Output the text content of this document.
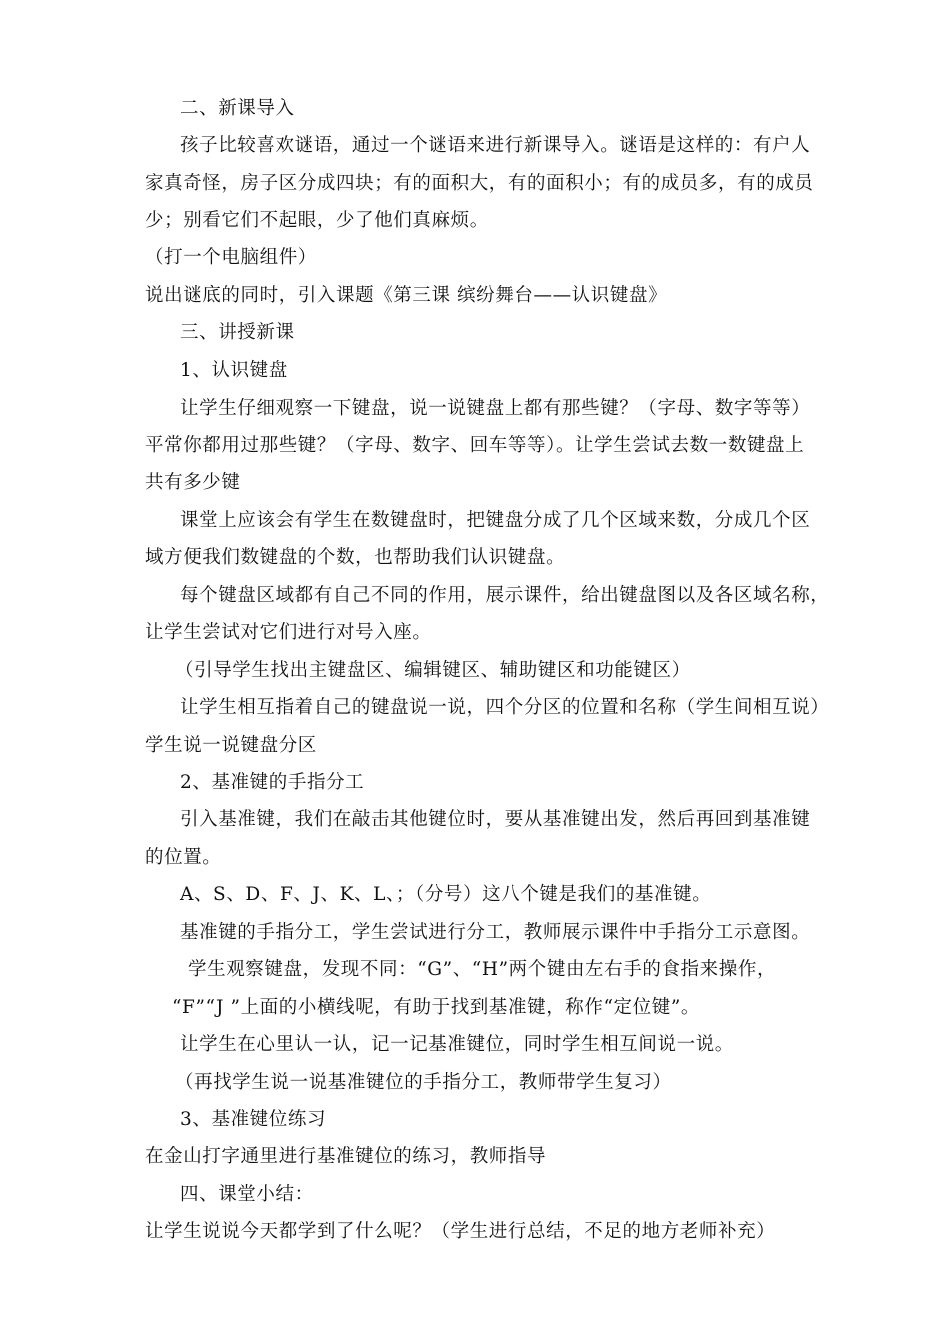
二、新课导入
孩子比较喜欢谜语，通过一个谜语来进行新课导入。谜语是这样的：有户人
家真奇怪，房子区分成四块；有的面积大，有的面积小；有的成员多，有的成员
少；别看它们不起眼，少了他们真麻烦。
（打一个电脑组件）
说出谜底的同时，引入课题《第三课 缤纷舞台——认识键盘》
三、讲授新课
1、认识键盘
让学生仔细观察一下键盘，说一说键盘上都有那些键？（字母、数字等等）
平常你都用过那些键？（字母、数字、回车等等）。让学生尝试去数一数键盘上
共有多少键
课堂上应该会有学生在数键盘时，把键盘分成了几个区域来数，分成几个区
域方便我们数键盘的个数，也帮助我们认识键盘。
每个键盘区域都有自己不同的作用，展示课件，给出键盘图以及各区域名称，
让学生尝试对它们进行对号入座。
（引导学生找出主键盘区、编辑键区、辅助键区和功能键区）
让学生相互指着自己的键盘说一说，四个分区的位置和名称（学生间相互说）
学生说一说键盘分区
2、基准键的手指分工
引入基准键，我们在敲击其他键位时，要从基准键出发，然后再回到基准键
的位置。
A、S、D、F、J、K、L、；（分号）这八个键是我们的基准键。
基准键的手指分工，学生尝试进行分工，教师展示课件中手指分工示意图。
学生观察键盘，发现不同：“G”、“H”两个键由左右手的食指来操作，
“F”“J ”上面的小横线呢，有助于找到基准键，称作“定位键”。
让学生在心里认一认，记一记基准键位，同时学生相互间说一说。
（再找学生说一说基准键位的手指分工，教师带学生复习）
3、基准键位练习
在金山打字通里进行基准键位的练习，教师指导
四、课堂小结：
让学生说说今天都学到了什么呢？（学生进行总结，不足的地方老师补充）
